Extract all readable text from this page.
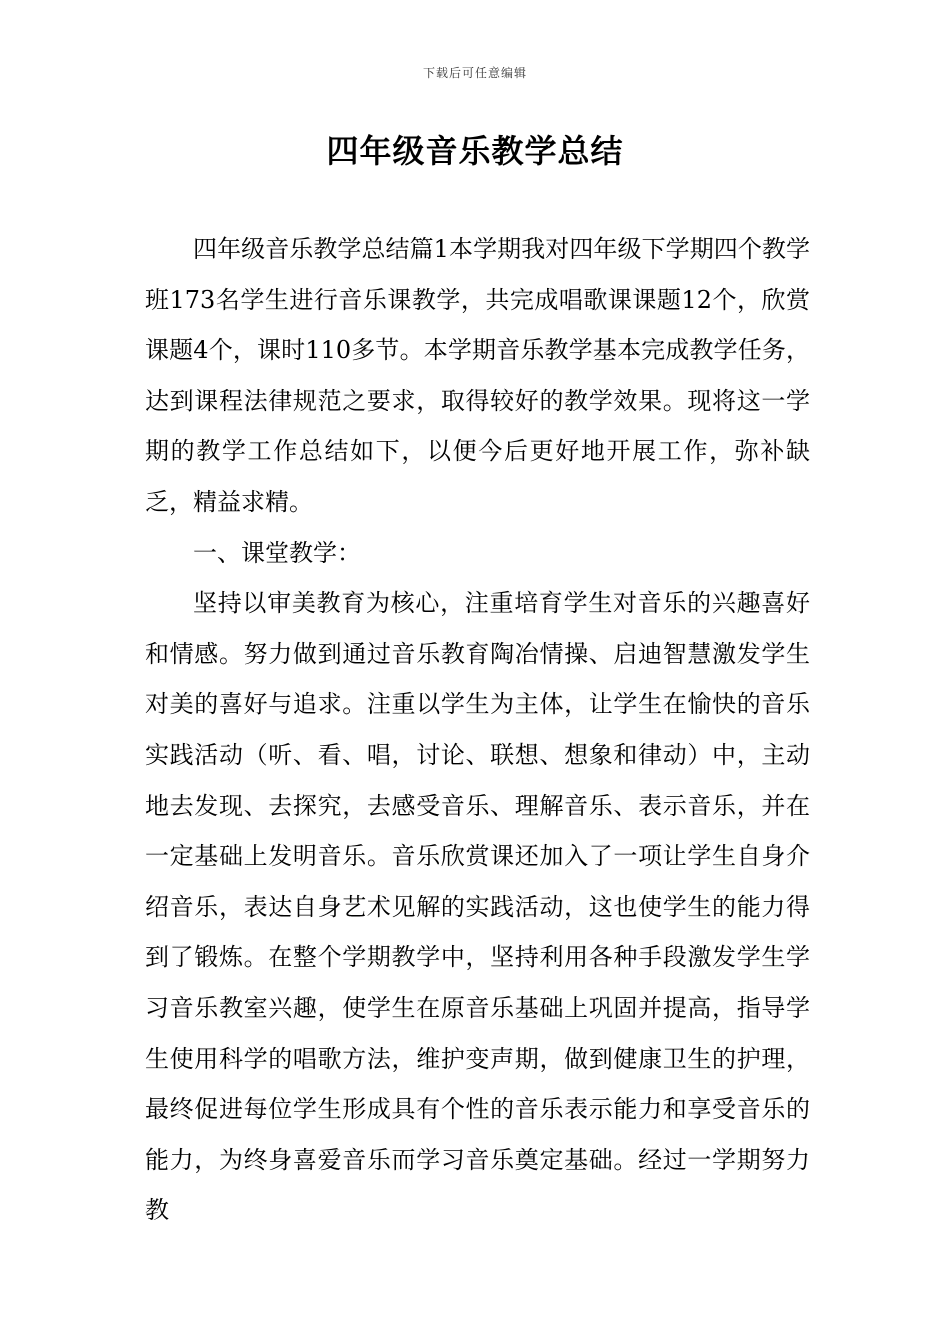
下载后可任意编辑
四年级音乐教学总结

四年级音乐教学总结篇1本学期我对四年级下学期四个教学班173名学生进行音乐课教学，共完成唱歌课课题12个，欣赏课题4个，课时110多节。本学期音乐教学基本完成教学任务，达到课程法律规范之要求，取得较好的教学效果。现将这一学期的教学工作总结如下，以便今后更好地开展工作，弥补缺乏，精益求精。

一、课堂教学：

坚持以审美教育为核心，注重培育学生对音乐的兴趣喜好和情感。努力做到通过音乐教育陶冶情操、启迪智慧激发学生对美的喜好与追求。注重以学生为主体，让学生在愉快的音乐实践活动（听、看、唱，讨论、联想、想象和律动）中，主动地去发现、去探究，去感受音乐、理解音乐、表示音乐，并在一定基础上发明音乐。音乐欣赏课还加入了一项让学生自身介绍音乐，表达自身艺术见解的实践活动，这也使学生的能力得到了锻炼。在整个学期教学中，坚持利用各种手段激发学生学习音乐教室兴趣，使学生在原音乐基础上巩固并提高，指导学生使用科学的唱歌方法，维护变声期，做到健康卫生的护理，最终促进每位学生形成具有个性的音乐表示能力和享受音乐的能力，为终身喜爱音乐而学习音乐奠定基础。经过一学期努力教
